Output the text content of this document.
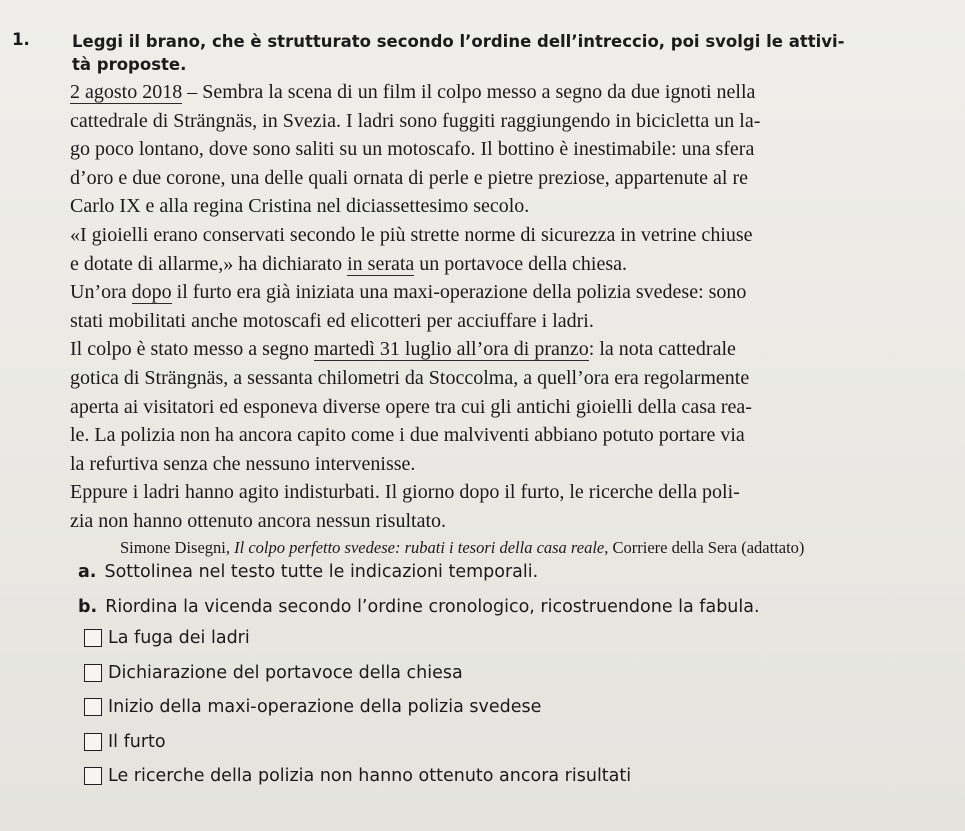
1.	Leggi il brano, che è strutturato secondo l’ordine dell’intreccio, poi svolgi le attivi-
tà proposte.
2 agosto 2018 – Sembra la scena di un film il colpo messo a segno da due ignoti nella
cattedrale di Strängnäs, in Svezia. I ladri sono fuggiti raggiungendo in bicicletta un la-
go poco lontano, dove sono saliti su un motoscafo. Il bottino è inestimabile: una sfera
d’oro e due corone, una delle quali ornata di perle e pietre preziose, appartenute al re
Carlo IX e alla regina Cristina nel diciassettesimo secolo.
«I gioielli erano conservati secondo le più strette norme di sicurezza in vetrine chiuse
e dotate di allarme,» ha dichiarato in serata un portavoce della chiesa.
Un’ora dopo il furto era già iniziata una maxi-operazione della polizia svedese: sono
stati mobilitati anche motoscafi ed elicotteri per acciuffare i ladri.
Il colpo è stato messo a segno martedì 31 luglio all’ora di pranzo: la nota cattedrale
gotica di Strängnäs, a sessanta chilometri da Stoccolma, a quell’ora era regolarmente
aperta ai visitatori ed esponeva diverse opere tra cui gli antichi gioielli della casa rea-
le. La polizia non ha ancora capito come i due malviventi abbiano potuto portare via
la refurtiva senza che nessuno intervenisse.
Eppure i ladri hanno agito indisturbati. Il giorno dopo il furto, le ricerche della poli-
zia non hanno ottenuto ancora nessun risultato.
Simone Disegni, Il colpo perfetto svedese: rubati i tesori della casa reale, Corriere della Sera (adattato)
a. Sottolinea nel testo tutte le indicazioni temporali.
b. Riordina la vicenda secondo l’ordine cronologico, ricostruendone la fabula.
La fuga dei ladri
Dichiarazione del portavoce della chiesa
Inizio della maxi-operazione della polizia svedese
Il furto
Le ricerche della polizia non hanno ottenuto ancora risultati
